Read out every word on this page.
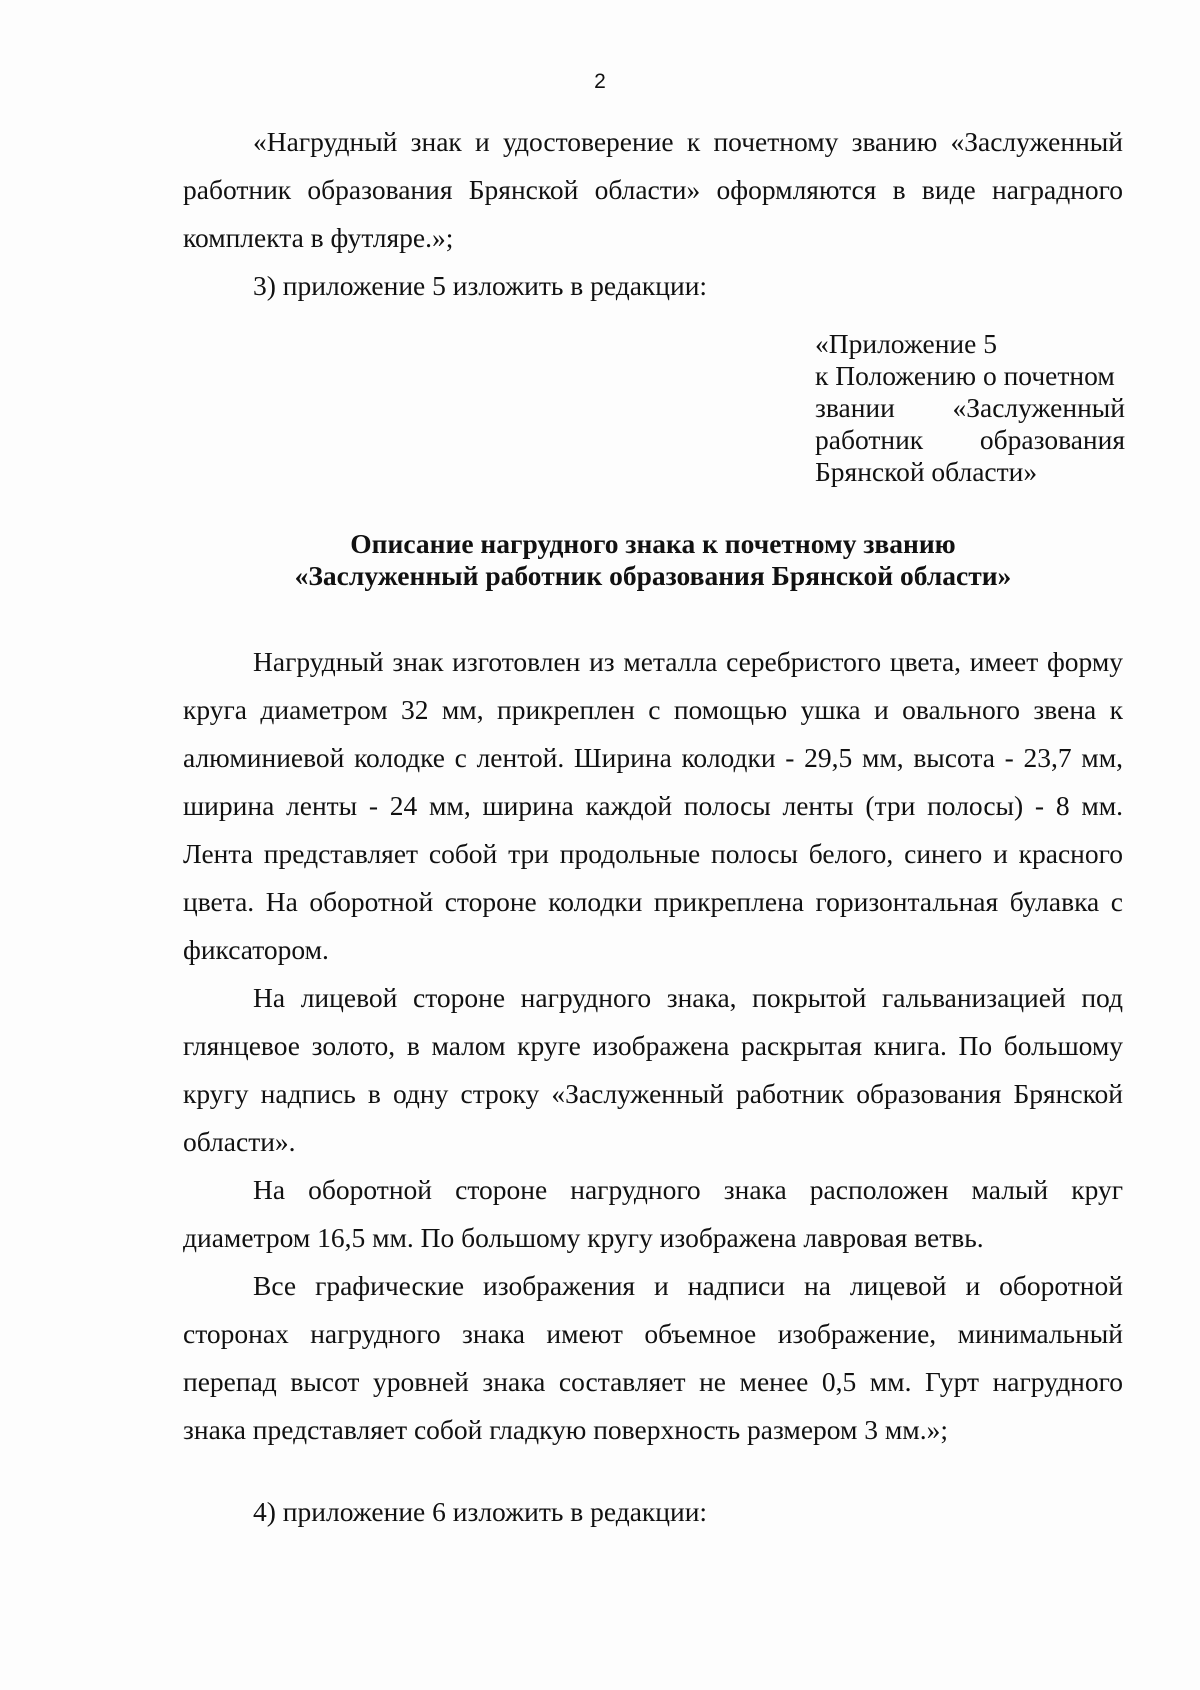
2

«Нагрудный знак и удостоверение к почетному званию «Заслуженный работник образования Брянской области» оформляются в виде наградного комплекта в футляре.»;

3) приложение 5 изложить в редакции:
«Приложение 5
к Положению о почетном
звании «Заслуженный
работник образования
Брянской области»
Описание нагрудного знака к почетному званию
«Заслуженный работник образования Брянской области»

Нагрудный знак изготовлен из металла серебристого цвета, имеет форму круга диаметром 32 мм, прикреплен с помощью ушка и овального звена к алюминиевой колодке с лентой. Ширина колодки - 29,5 мм, высота - 23,7 мм, ширина ленты - 24 мм, ширина каждой полосы ленты (три полосы) - 8 мм. Лента представляет собой три продольные полосы белого, синего и красного цвета. На оборотной стороне колодки прикреплена горизонтальная булавка с фиксатором.

На лицевой стороне нагрудного знака, покрытой гальванизацией под глянцевое золото, в малом круге изображена раскрытая книга. По большому кругу надпись в одну строку «Заслуженный работник образования Брянской области».

На оборотной стороне нагрудного знака расположен малый круг диаметром 16,5 мм. По большому кругу изображена лавровая ветвь.

Все графические изображения и надписи на лицевой и оборотной сторонах нагрудного знака имеют объемное изображение, минимальный перепад высот уровней знака составляет не менее 0,5 мм. Гурт нагрудного знака представляет собой гладкую поверхность размером 3 мм.»;

4) приложение 6 изложить в редакции:
